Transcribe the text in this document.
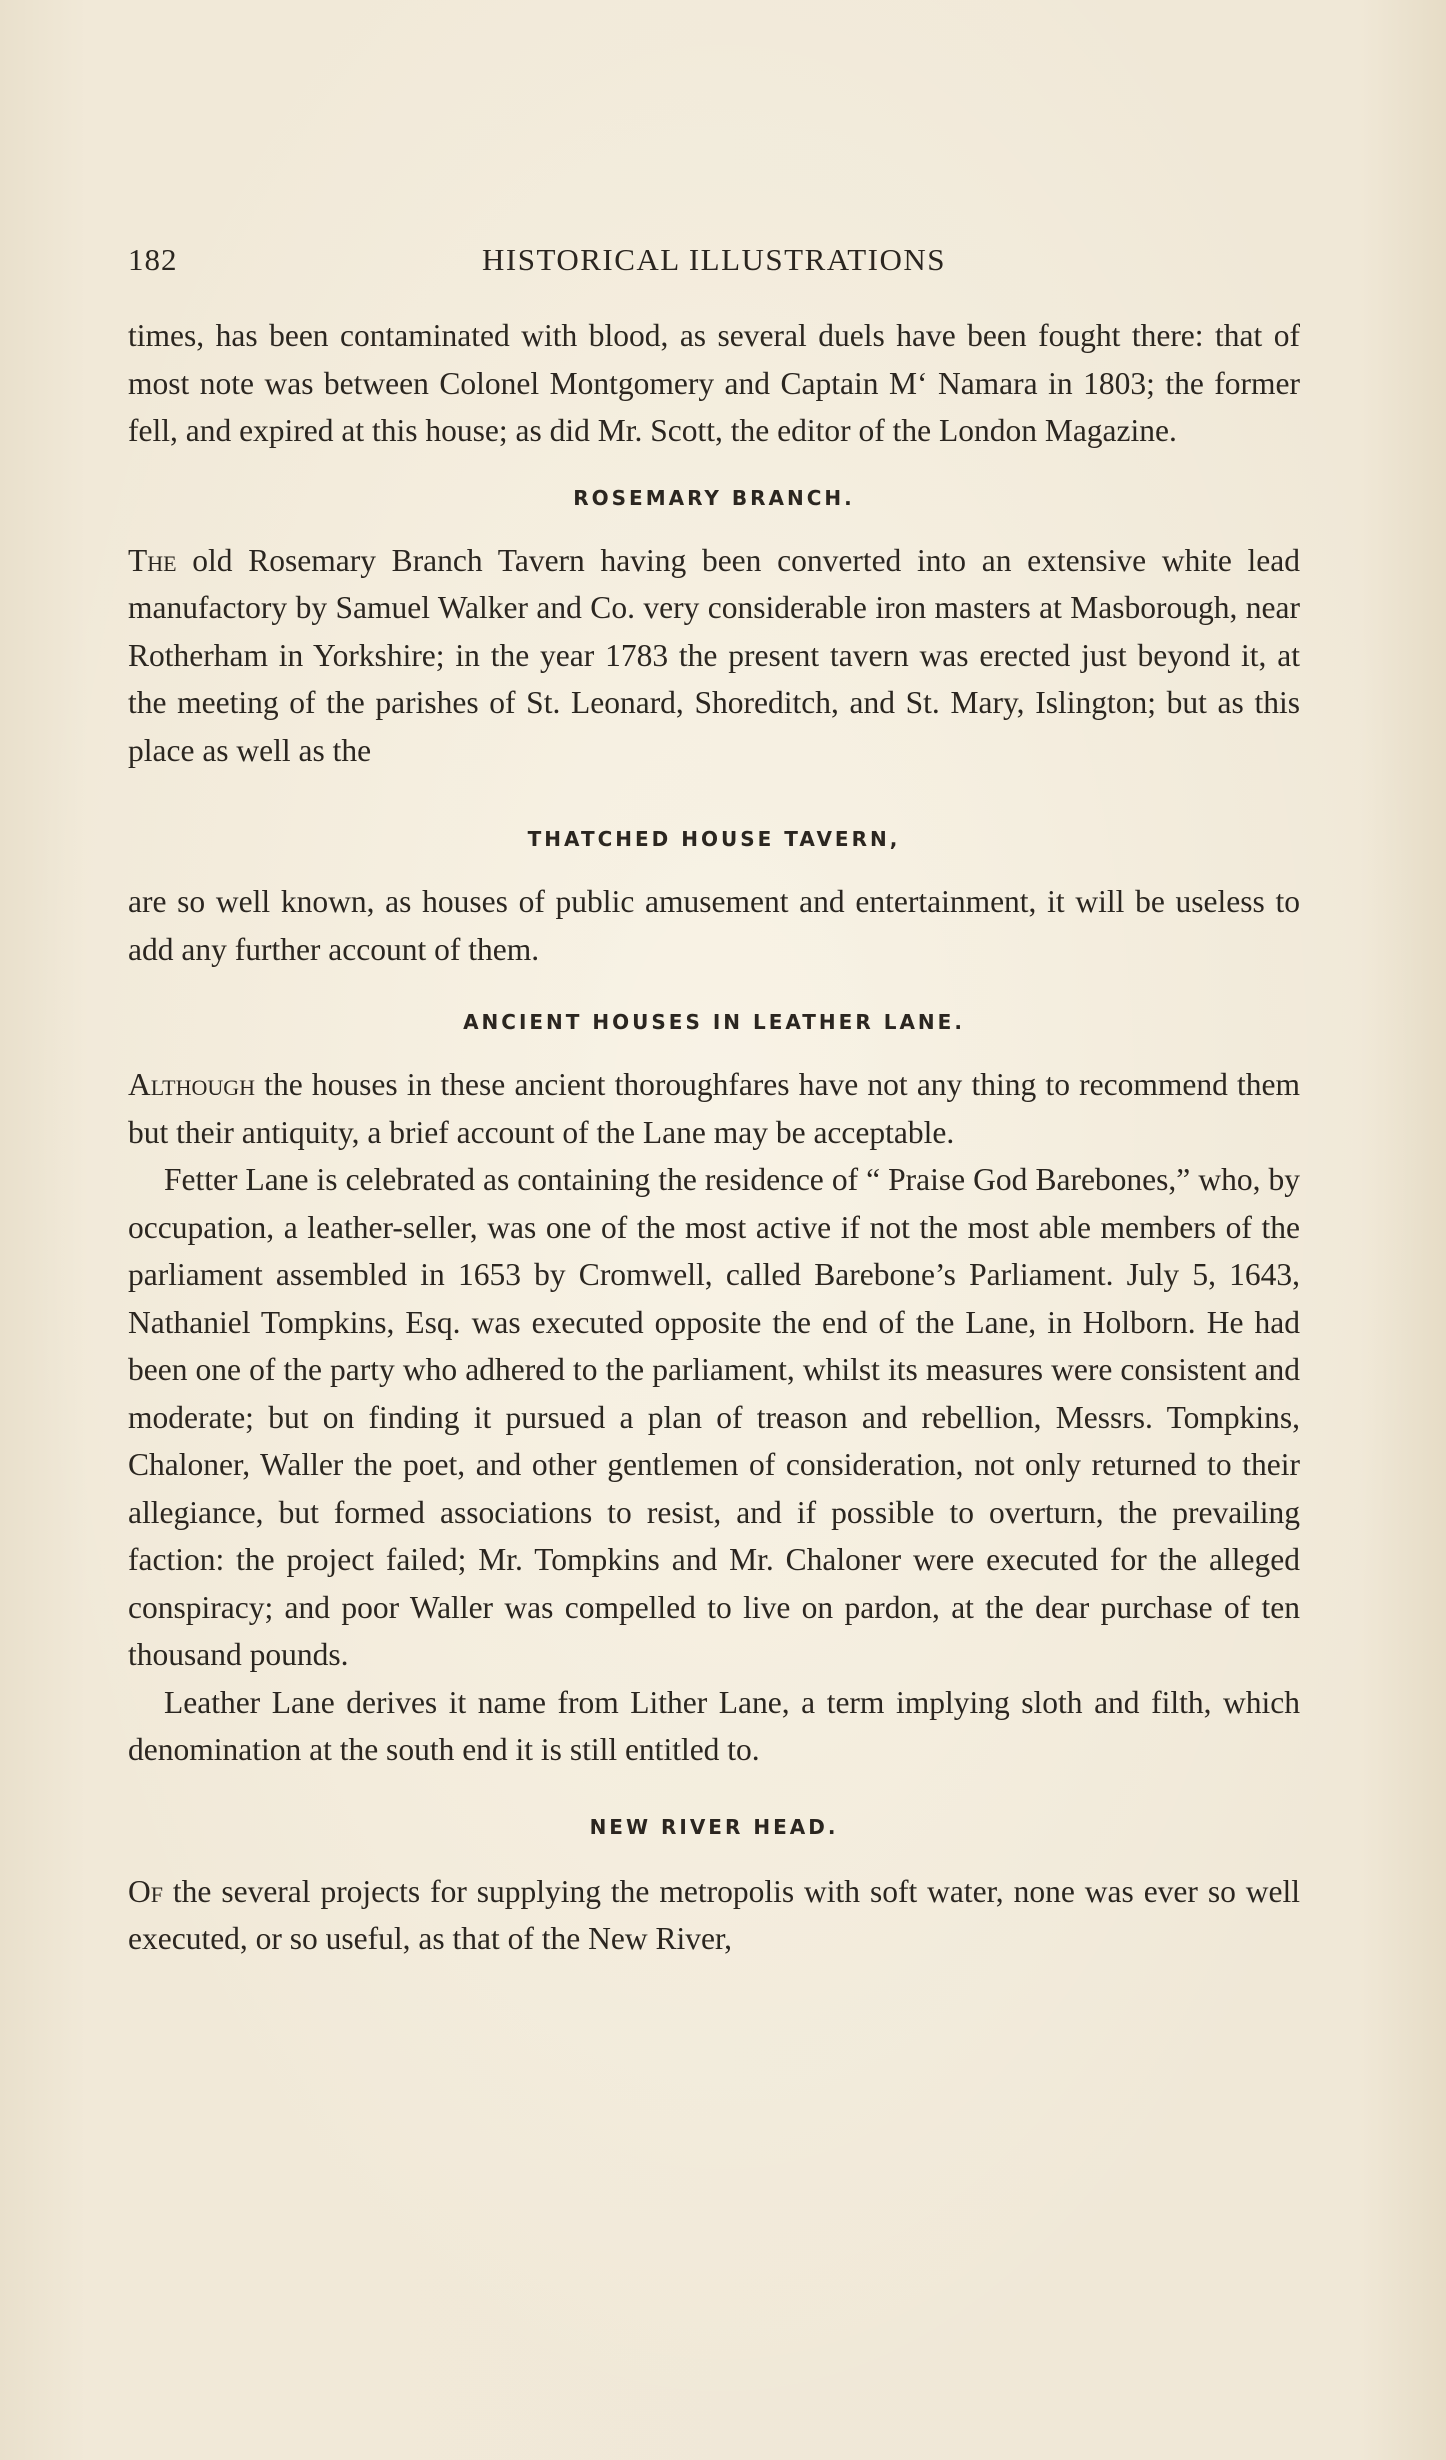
182	HISTORICAL ILLUSTRATIONS

times, has been contaminated with blood, as several duels have been fought there: that of most note was between Colonel Montgomery and Captain M‘ Namara in 1803; the former fell, and expired at this house; as did Mr. Scott, the editor of the London Magazine.

ROSEMARY BRANCH.

The old Rosemary Branch Tavern having been converted into an extensive white lead manufactory by Samuel Walker and Co. very considerable iron masters at Masborough, near Rotherham in Yorkshire; in the year 1783 the present tavern was erected just beyond it, at the meeting of the parishes of St. Leonard, Shoreditch, and St. Mary, Islington; but as this place as well as the

THATCHED HOUSE TAVERN,

are so well known, as houses of public amusement and entertainment, it will be useless to add any further account of them.

ANCIENT HOUSES IN LEATHER LANE.

Although the houses in these ancient thoroughfares have not any thing to recommend them but their antiquity, a brief account of the Lane may be acceptable.

Fetter Lane is celebrated as containing the residence of “ Praise God Barebones,” who, by occupation, a leather-seller, was one of the most active if not the most able members of the parliament assembled in 1653 by Cromwell, called Barebone’s Parliament. July 5, 1643, Nathaniel Tompkins, Esq. was executed opposite the end of the Lane, in Holborn. He had been one of the party who adhered to the parliament, whilst its measures were consistent and moderate; but on finding it pursued a plan of treason and rebellion, Messrs. Tompkins, Chaloner, Waller the poet, and other gentlemen of consideration, not only returned to their allegiance, but formed associations to resist, and if possible to overturn, the prevailing faction: the project failed; Mr. Tompkins and Mr. Chaloner were executed for the alleged conspiracy; and poor Waller was compelled to live on pardon, at the dear purchase of ten thousand pounds.

Leather Lane derives it name from Lither Lane, a term implying sloth and filth, which denomination at the south end it is still entitled to.

NEW RIVER HEAD.

Of the several projects for supplying the metropolis with soft water, none was ever so well executed, or so useful, as that of the New River,
